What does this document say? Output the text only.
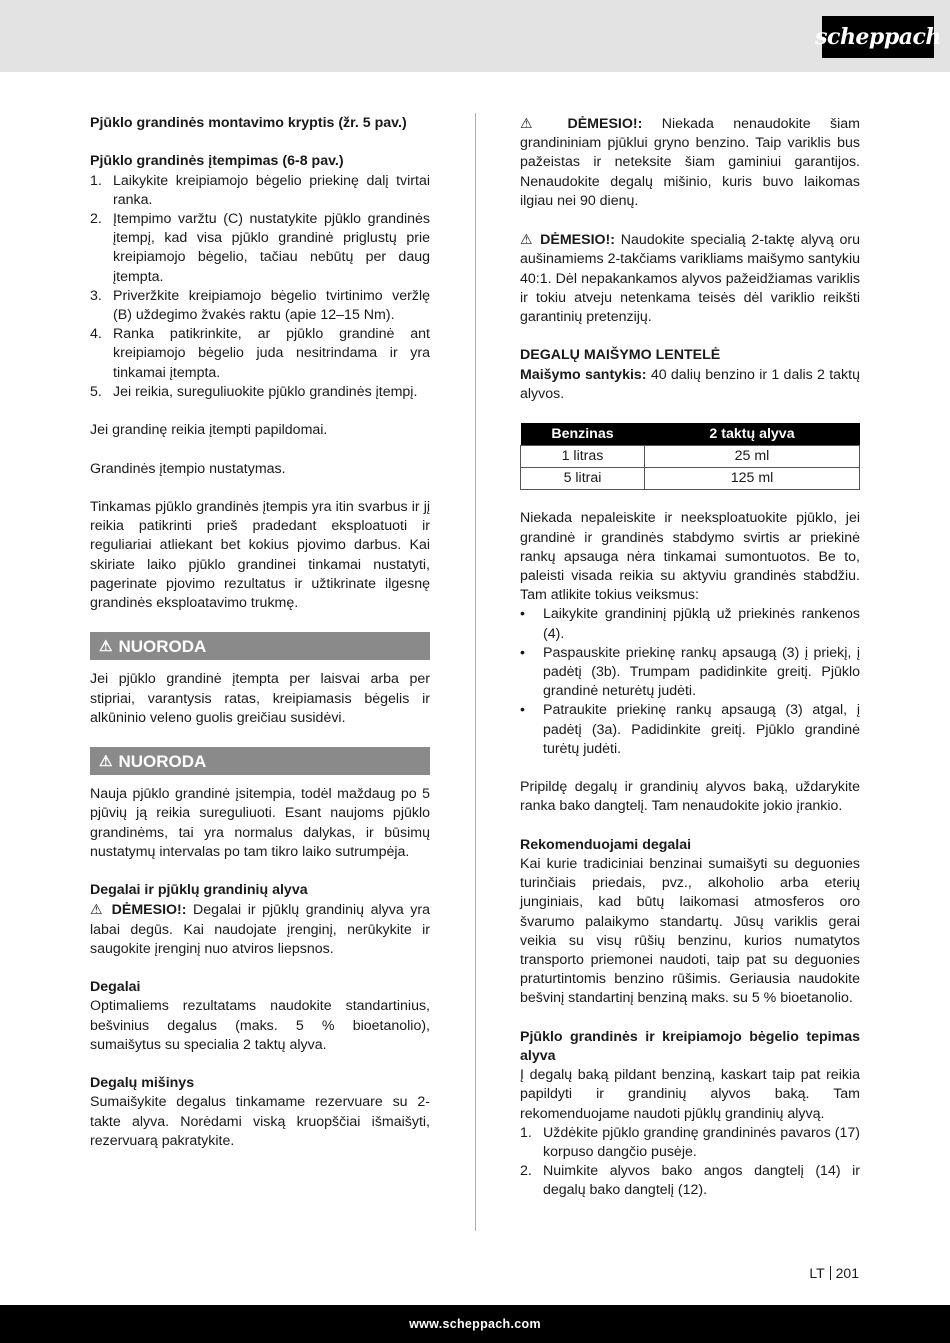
scheppach

Pjūklo grandinės montavimo kryptis (žr. 5 pav.)

Pjūklo grandinės įtempimas (6-8 pav.)

1. Laikykite kreipiamojo bėgelio priekinę dalį tvirtai ranka.
2. Įtempimo varžtu (C) nustatykite pjūklo grandinės įtempį, kad visa pjūklo grandinė priglustų prie kreipiamojo bėgelio, tačiau nebūtų per daug įtempta.
3. Priveržkite kreipiamojo bėgelio tvirtinimo veržlę (B) uždegimo žvakės raktu (apie 12–15 Nm).
4. Ranka patikrinkite, ar pjūklo grandinė ant kreipiamojo bėgelio juda nesitrindama ir yra tinkamai įtempta.
5. Jei reikia, sureguliuokite pjūklo grandinės įtempį.

Jei grandinę reikia įtempti papildomai.

Grandinės įtempio nustatymas.

Tinkamas pjūklo grandinės įtempis yra itin svarbus ir jį reikia patikrinti prieš pradedant eksploatuoti ir reguliariai atliekant bet kokius pjovimo darbus. Kai skiriate laiko pjūklo grandinei tinkamai nustatyti, pagerinate pjovimo rezultatus ir užtikrinate ilgesnę grandinės eksploatavimo trukmę.

⚠ NUORODA

Jei pjūklo grandinė įtempta per laisvai arba per stipriai, varantysis ratas, kreipiamasis bėgelis ir alkūninio veleno guolis greičiau susidėvi.

⚠ NUORODA

Nauja pjūklo grandinė įsitempia, todėl maždaug po 5 pjūvių ją reikia sureguliuoti. Esant naujoms pjūklo grandinėms, tai yra normalus dalykas, ir būsimų nustatymų intervalas po tam tikro laiko sutrumpėja.

Degalai ir pjūklų grandinių alyva

⚠ DĖMESIO!: Degalai ir pjūklų grandinių alyva yra labai degūs. Kai naudojate įrenginį, nerūkykite ir saugokite įrenginį nuo atviros liepsnos.

Degalai

Optimaliems rezultatams naudokite standartinius, bešvinius degalus (maks. 5 % bioetanolio), sumaišytus su specialia 2 taktų alyva.

Degalų mišinys

Sumaišykite degalus tinkamame rezervuare su 2-takte alyva. Norėdami viską kruopščiai išmaišyti, rezervuarą pakratykite.

⚠ DĖMESIO!: Niekada nenaudokite šiam grandininiam pjūklui gryno benzino. Taip variklis bus pažeistas ir neteksite šiam gaminiui garantijos. Nenaudokite degalų mišinio, kuris buvo laikomas ilgiau nei 90 dienų.

⚠ DĖMESIO!: Naudokite specialią 2-taktę alyvą oru aušinamiems 2-takčiams varikliams maišymo santykiu 40:1. Dėl nepakankamos alyvos pažeidžiamas variklis ir tokiu atveju netenkama teisės dėl variklio reikšti garantinių pretenzijų.

DEGALŲ MAIŠYMO LENTELĖ

Maišymo santykis: 40 dalių benzino ir 1 dalis 2 taktų alyvos.

Benzinas	2 taktų alyva
1 litras	25 ml
5 litrai	125 ml

Niekada nepaleiskite ir neeksploatuokite pjūklo, jei grandinė ir grandinės stabdymo svirtis ar priekinė rankų apsauga nėra tinkamai sumontuotos. Be to, paleisti visada reikia su aktyviu grandinės stabdžiu. Tam atlikite tokius veiksmus:

• Laikykite grandininį pjūklą už priekinės rankenos (4).
• Paspauskite priekinę rankų apsaugą (3) į priekį, į padėtį (3b). Trumpam padidinkite greitį. Pjūklo grandinė neturėtų judėti.
• Patraukite priekinę rankų apsaugą (3) atgal, į padėtį (3a). Padidinkite greitį. Pjūklo grandinė turėtų judėti.

Pripildę degalų ir grandinių alyvos baką, uždarykite ranka bako dangtelį. Tam nenaudokite jokio įrankio.

Rekomenduojami degalai

Kai kurie tradiciniai benzinai sumaišyti su deguonies turinčiais priedais, pvz., alkoholio arba eterių junginiais, kad būtų laikomasi atmosferos oro švarumo palaikymo standartų. Jūsų variklis gerai veikia su visų rūšių benzinu, kurios numatytos transporto priemonei naudoti, taip pat su deguonies praturtintomis benzino rūšimis. Geriausia naudokite bešvinį standartinį benziną maks. su 5 % bioetanolio.

Pjūklo grandinės ir kreipiamojo bėgelio tepimas alyva

Į degalų baką pildant benziną, kaskart taip pat reikia papildyti ir grandinių alyvos baką. Tam rekomenduojame naudoti pjūklų grandinių alyvą.

1. Uždėkite pjūklo grandinę grandininės pavaros (17) korpuso dangčio pusėje.
2. Nuimkite alyvos bako angos dangtelį (14) ir degalų bako dangtelį (12).
LT 201
www.scheppach.com
